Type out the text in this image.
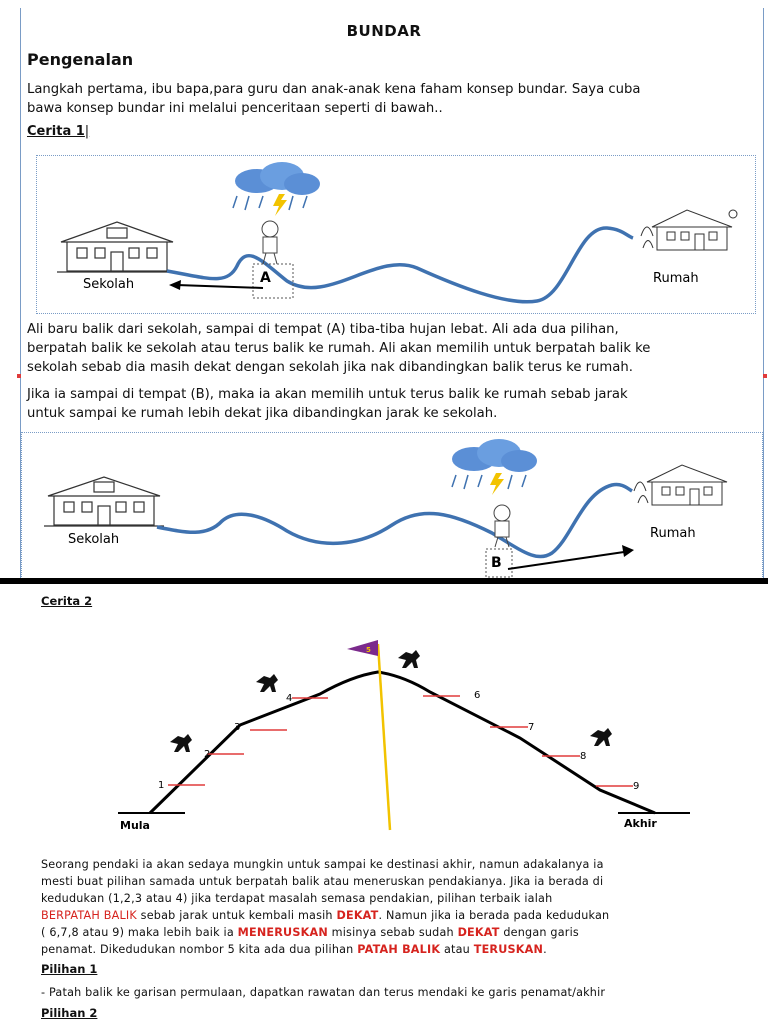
BUNDAR
Pengenalan
Langkah pertama, ibu bapa,para guru dan anak-anak kena faham konsep bundar. Saya cuba
bawa konsep bundar ini melalui penceritaan seperti di bawah..
Cerita 1|
A
Sekolah	Rumah
Ali baru balik dari sekolah, sampai di tempat (A) tiba-tiba hujan lebat. Ali ada dua pilihan,
berpatah balik ke sekolah atau terus balik ke rumah. Ali akan memilih untuk berpatah balik ke
sekolah sebab dia masih dekat dengan sekolah jika nak dibandingkan balik terus ke rumah.
Jika ia sampai di tempat (B), maka ia akan memilih untuk terus balik ke rumah sebab jarak
untuk sampai ke rumah lebih dekat jika dibandingkan jarak ke sekolah.
Sekolah
B
Rumah
Cerita 2
5
1
2
3
4	6
7
8
9
Mula	Akhir
Seorang pendaki ia akan sedaya mungkin untuk sampai ke destinasi akhir, namun adakalanya ia
mesti buat pilihan samada untuk berpatah balik atau meneruskan pendakianya. Jika ia berada di
kedudukan (1,2,3 atau 4) jika terdapat masalah semasa pendakian, pilihan terbaik ialah
BERPATAH BALIK sebab jarak untuk kembali masih DEKAT. Namun jika ia berada pada kedudukan
( 6,7,8 atau 9) maka lebih baik ia MENERUSKAN misinya sebab sudah DEKAT dengan garis
penamat. Dikedudukan nombor 5 kita ada dua pilihan PATAH BALIK atau TERUSKAN.
Pilihan 1
- Patah balik ke garisan permulaan, dapatkan rawatan dan terus mendaki ke garis penamat/akhir
Pilihan 2
